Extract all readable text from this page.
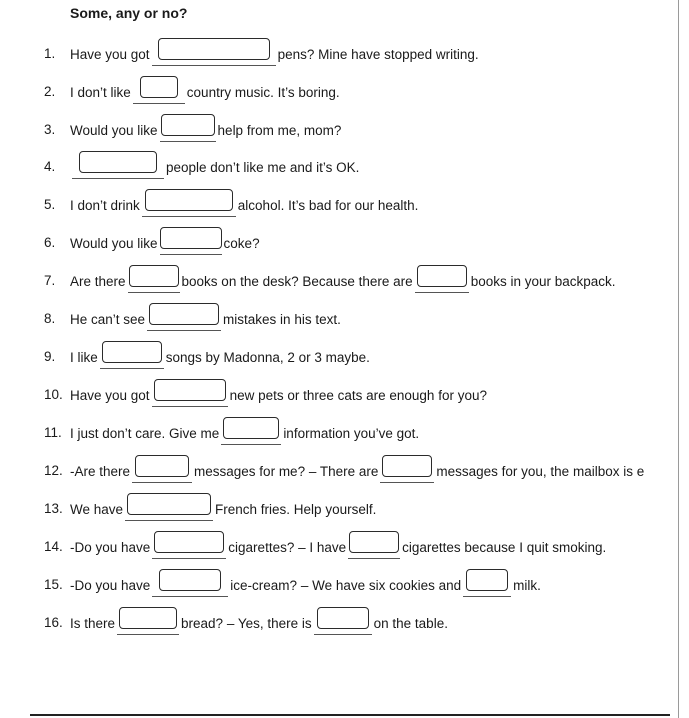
Some, any or no?
1. Have you got	pens? Mine have stopped writing.
2. I don’t like	country music. It’s boring.
3. Would you like	help from me, mom?
4.	people don’t like me and it’s OK.
5. I don’t drink	alcohol. It’s bad for our health.
6. Would you like	coke?
7. Are there	books on the desk? Because there are	books in your backpack.
8. He can’t see	mistakes in his text.
9. I like	songs by Madonna, 2 or 3 maybe.
10. Have you got	new pets or three cats are enough for you?
11. I just don’t care. Give me	information you’ve got.
12. -Are there	messages for me? – There are	messages for you, the mailbox is e
13. We have	French fries. Help yourself.
14. -Do you have	cigarettes? – I have	cigarettes because I quit smoking.
15. -Do you have	ice-cream? – We have six cookies and	milk.
16. Is there	bread? – Yes, there is	on the table.
